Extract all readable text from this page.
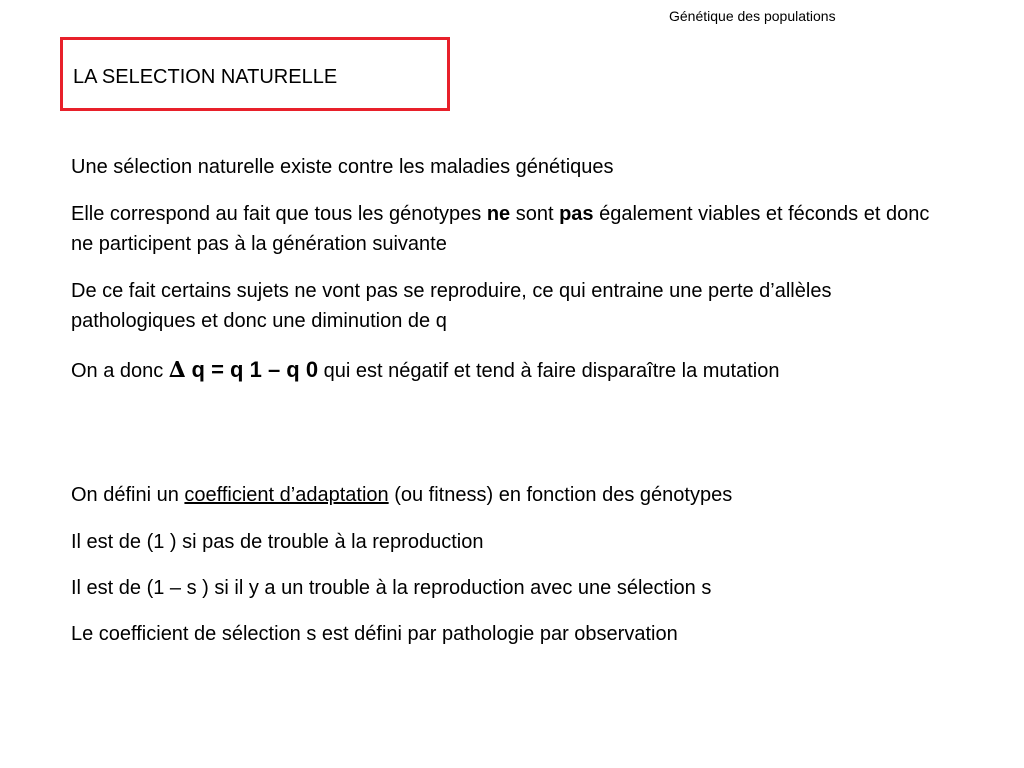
Génétique des populations
LA SELECTION NATURELLE
Une sélection naturelle existe contre les maladies génétiques
Elle correspond au fait que tous les génotypes ne sont pas également viables et féconds et donc ne participent pas à la génération suivante
De ce fait certains sujets ne vont pas se reproduire, ce qui entraine une perte d’allèles pathologiques et donc une diminution de q
On a donc ∆ q = q 1 – q 0 qui est négatif et tend à faire disparaître la mutation
On défini un coefficient d’adaptation (ou fitness) en fonction des génotypes
Il est de (1 ) si pas de trouble à la reproduction
Il est de (1 – s ) si il y a un trouble à la reproduction avec une sélection s
Le coefficient de sélection s est défini par pathologie par observation
